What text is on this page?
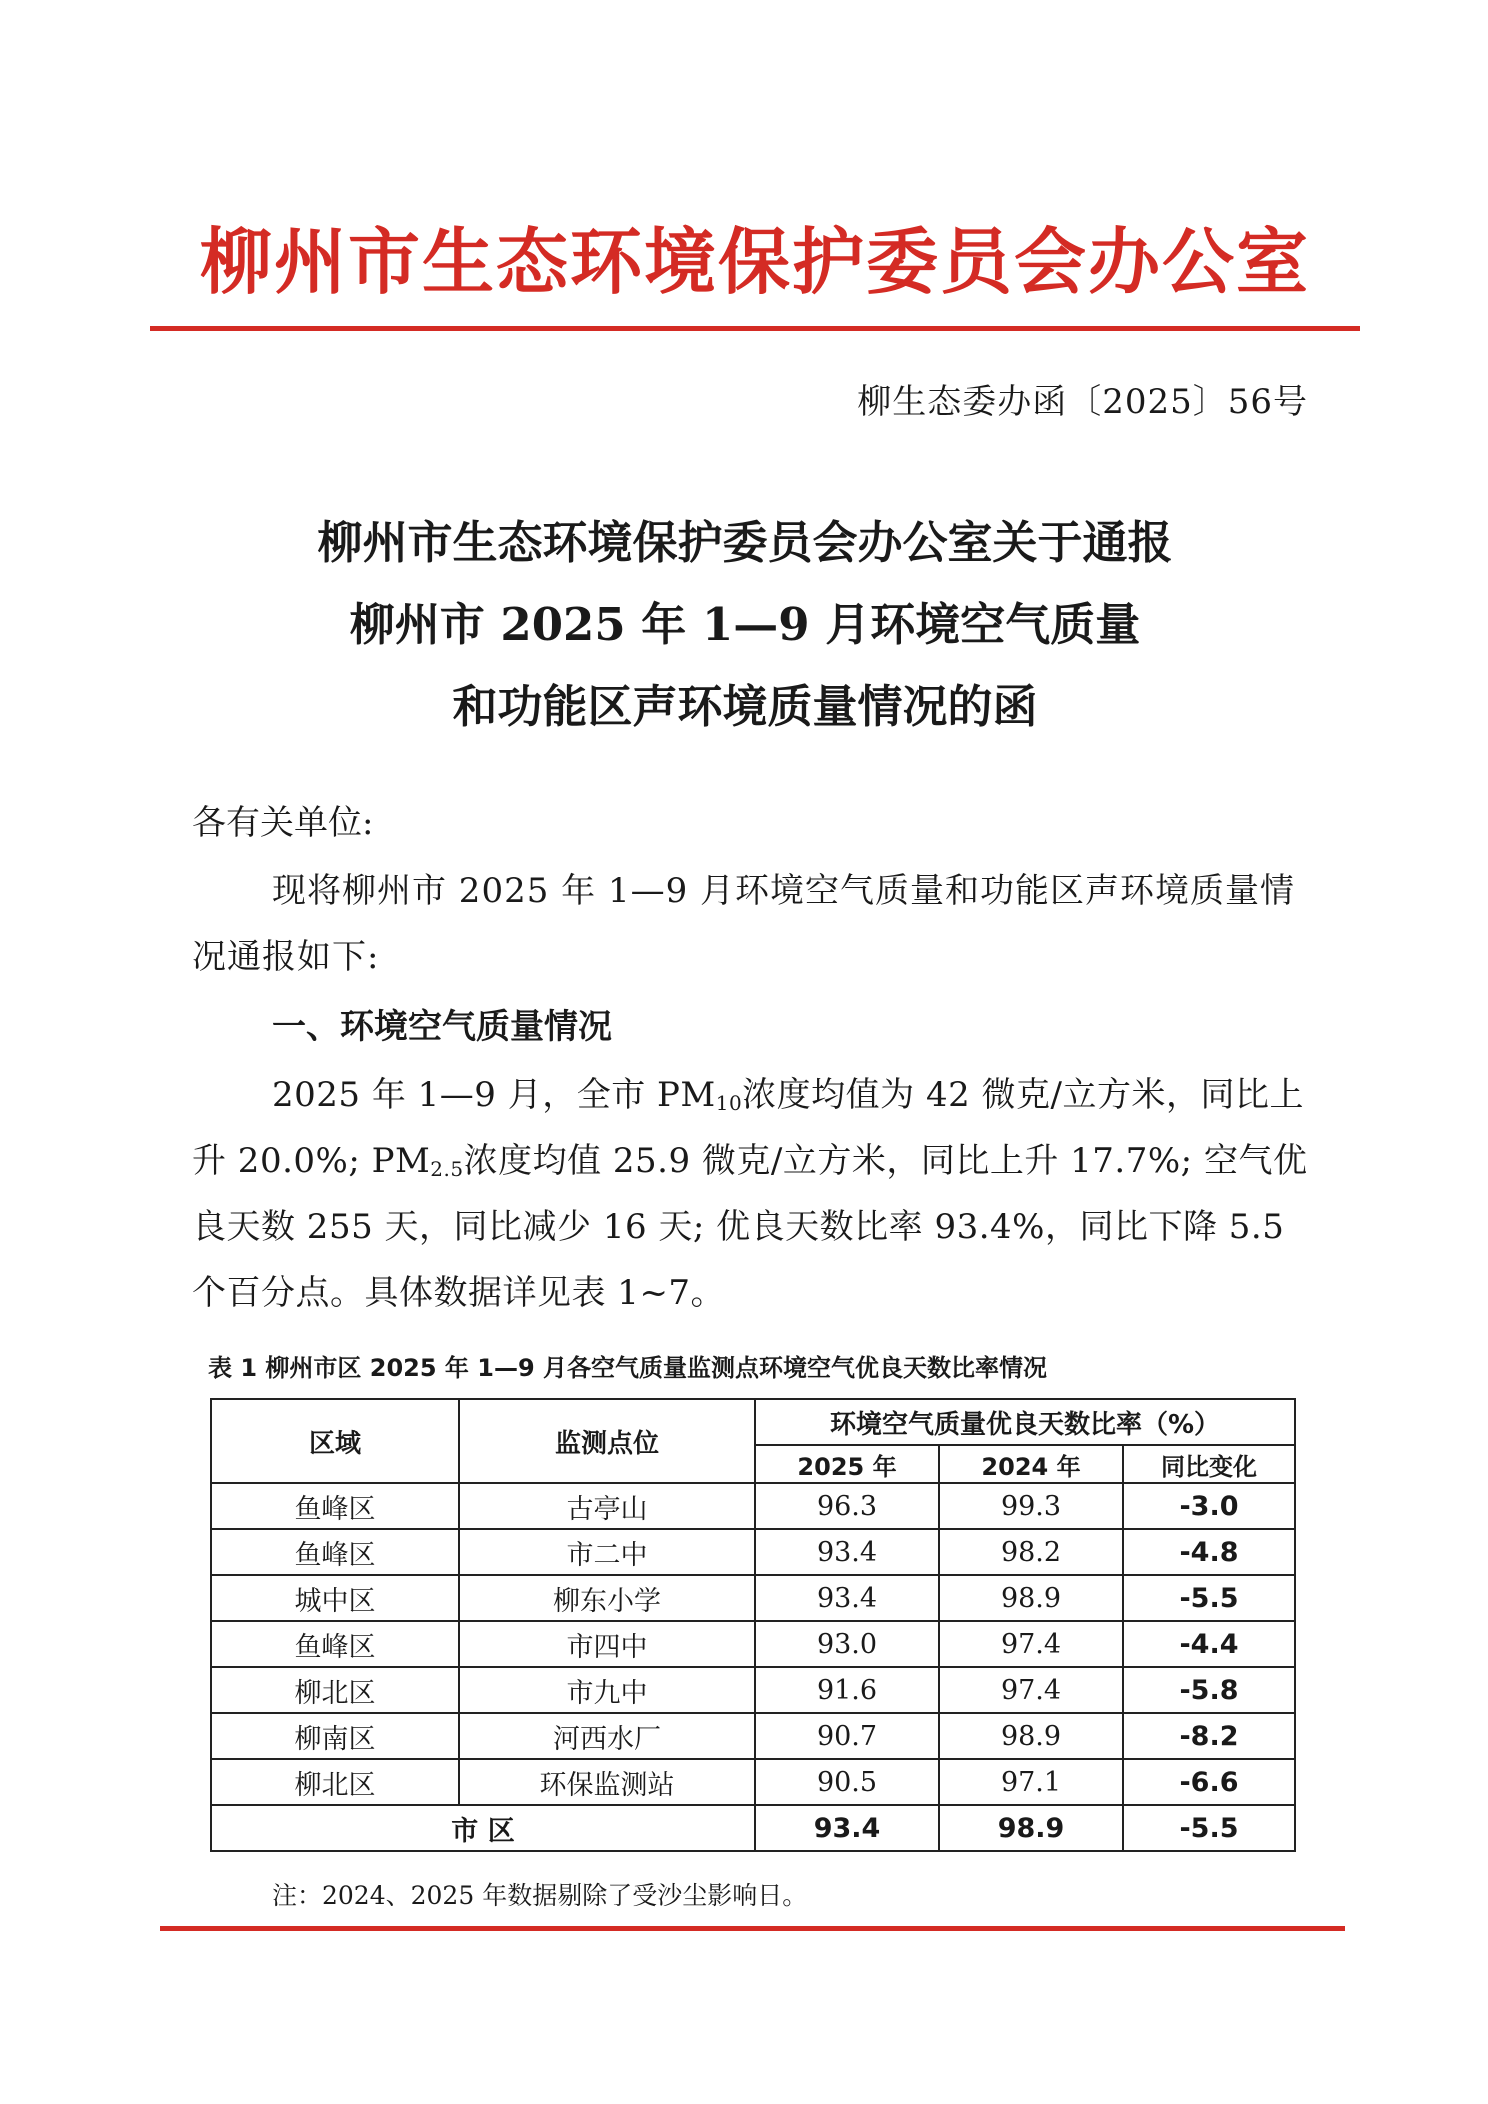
柳州市生态环境保护委员会办公室
柳生态委办函〔2025〕56号
柳州市生态环境保护委员会办公室关于通报
柳州市 2025 年 1—9 月环境空气质量
和功能区声环境质量情况的函
各有关单位:
现将柳州市 2025 年 1—9 月环境空气质量和功能区声环境质量情况通报如下:
一、环境空气质量情况
2025 年 1—9 月，全市 $PM_{10}$浓度均值为 42 微克/立方米，同比上升 20.0%; $PM_{2.5}$浓度均值 25.9 微克/立方米，同比上升 17.7%; 空气优良天数 255 天，同比减少 16 天; 优良天数比率 93.4%，同比下降 5.5 个百分点。具体数据详见表 1~7。
表 1 柳州市区 2025 年 1—9 月各空气质量监测点环境空气优良天数比率情况
区域	监测点位	环境空气质量优良天数比率（%）		
		2025 年	2024 年	同比变化
鱼峰区	古亭山	96.3	99.3	-3.0
鱼峰区	市二中	93.4	98.2	-4.8
城中区	柳东小学	93.4	98.9	-5.5
鱼峰区	市四中	93.0	97.4	-4.4
柳北区	市九中	91.6	97.4	-5.8
柳南区	河西水厂	90.7	98.9	-8.2
柳北区	环保监测站	90.5	97.1	-6.6
市 区		93.4	98.9	-5.5
注：2024、2025 年数据剔除了受沙尘影响日。
